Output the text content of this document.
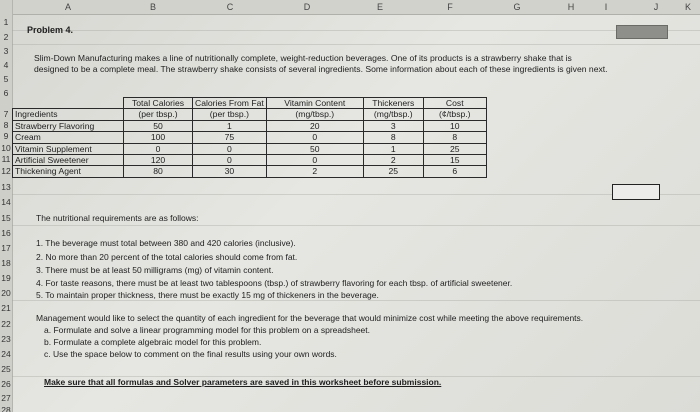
A	B	C	D	E	F	G	H	I	J	K
1
2
3
4
5
6
7
8
9
10
11
12
13
14
15
16
17
18
19
20
21
22
23
24
25
26
27
28
Problem 4.
Slim-Down Manufacturing makes a line of nutritionally complete, weight-reduction beverages. One of its products is a strawberry shake that is
designed to be a complete meal. The strawberry shake consists of several ingredients. Some information about each of these ingredients is given next.
	Total Calories	Calories From Fat	Vitamin Content	Thickeners	Cost
Ingredients	(per tbsp.)	(per tbsp.)	(mg/tbsp.)	(mg/tbsp.)	(¢/tbsp.)
Strawberry Flavoring	50	1	20	3	10
Cream	100	75	0	8	8
Vitamin Supplement	0	0	50	1	25
Artificial Sweetener	120	0	0	2	15
Thickening Agent	80	30	2	25	6
The nutritional requirements are as follows:
1. The beverage must total between 380 and 420 calories (inclusive).
2. No more than 20 percent of the total calories should come from fat.
3. There must be at least 50 milligrams (mg) of vitamin content.
4. For taste reasons, there must be at least two tablespoons (tbsp.) of strawberry flavoring for each tbsp. of artificial sweetener.
5. To maintain proper thickness, there must be exactly 15 mg of thickeners in the beverage.
Management would like to select the quantity of each ingredient for the beverage that would minimize cost while meeting the above requirements.
a. Formulate and solve a linear programming model for this problem on a spreadsheet.
b. Formulate a complete algebraic model for this problem.
c. Use the space below to comment on the final results using your own words.
Make sure that all formulas and Solver parameters are saved in this worksheet before submission.
